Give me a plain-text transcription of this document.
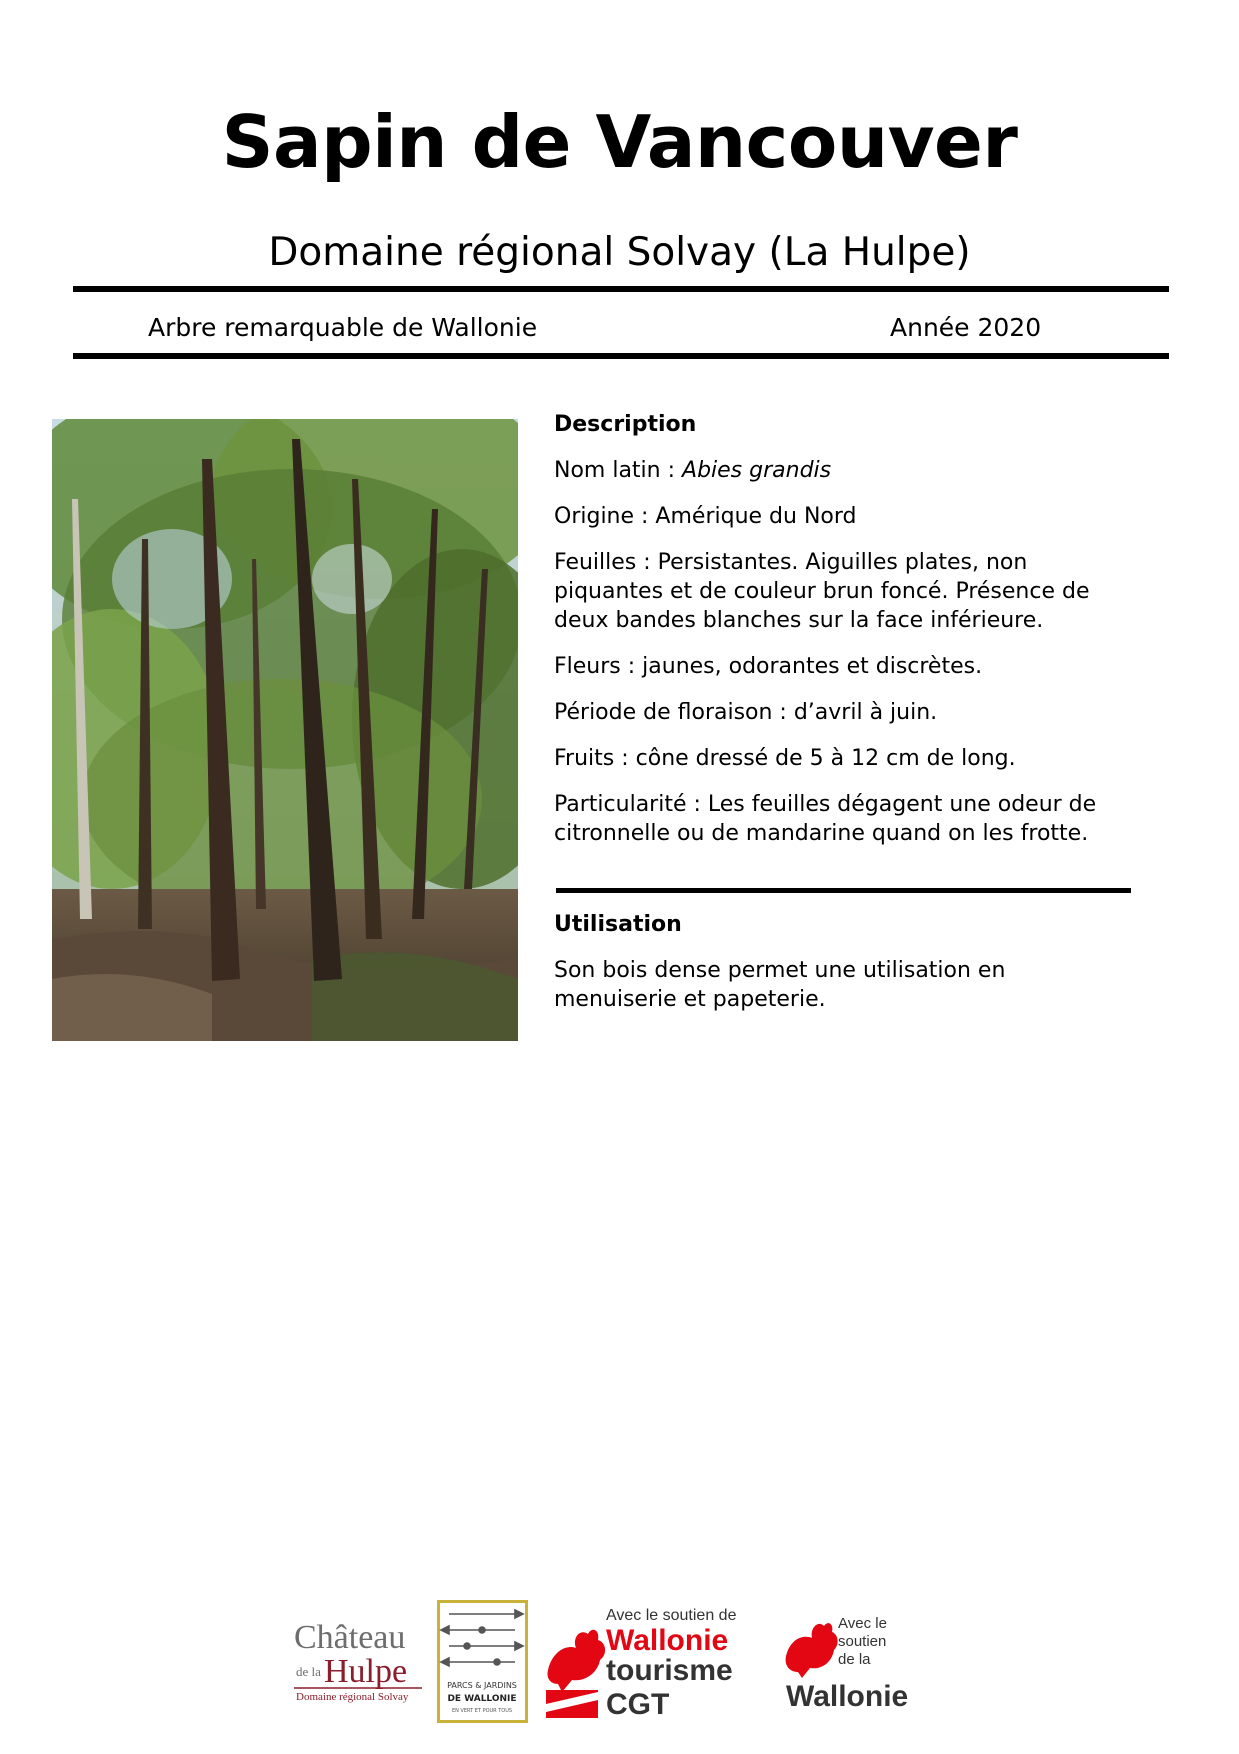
Sapin de Vancouver
Domaine régional Solvay (La Hulpe)
Arbre remarquable de Wallonie	Année 2020

Description

Nom latin : Abies grandis

Origine : Amérique du Nord

Feuilles : Persistantes. Aiguilles plates, non piquantes et de couleur brun foncé. Présence de deux bandes blanches sur la face inférieure.

Fleurs : jaunes, odorantes et discrètes.

Période de floraison : d’avril à juin.

Fruits : cône dressé de 5 à 12 cm de long.

Particularité : Les feuilles dégagent une odeur de citronnelle ou de mandarine quand on les frotte.

Utilisation

Son bois dense permet une utilisation en menuiserie et papeterie.

Château
de la Hulpe
Domaine régional Solvay
PARCS & JARDINS
DE WALLONIE
EN VERT ET POUR TOUS
Avec le soutien de
Wallonie
tourisme
CGT
Avec le
soutien
de la
Wallonie
